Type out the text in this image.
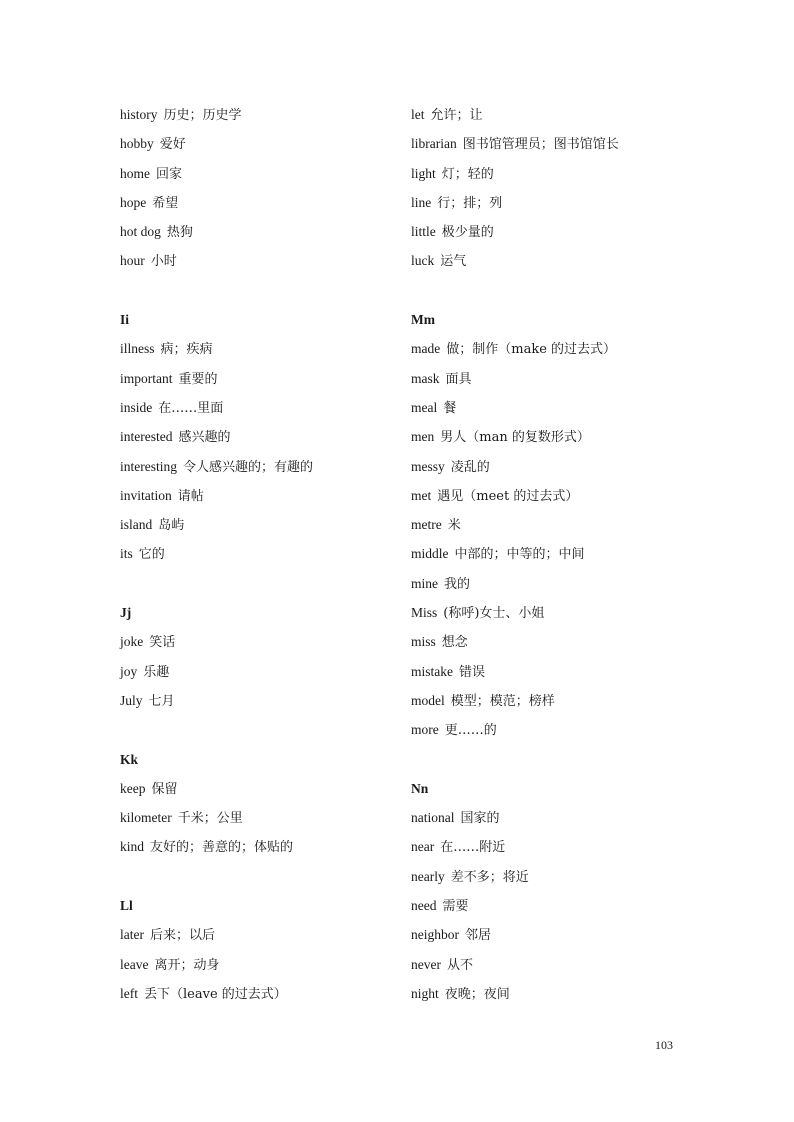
history 历史；历史学
hobby 爱好
home 回家
hope 希望
hot dog 热狗
hour 小时
Ii
illness 病；疾病
important 重要的
inside 在……里面
interested 感兴趣的
interesting 令人感兴趣的；有趣的
invitation 请帖
island 岛屿
its 它的
Jj
joke 笑话
joy 乐趣
July 七月
Kk
keep 保留
kilometer 千米；公里
kind 友好的；善意的；体贴的
Ll
later 后来；以后
leave 离开；动身
left 丢下（leave 的过去式）
let 允许；让
librarian 图书馆管理员；图书馆馆长
light 灯；轻的
line 行；排；列
little 极少量的
luck 运气
Mm
made 做；制作（make 的过去式）
mask 面具
meal 餐
men 男人（man 的复数形式）
messy 凌乱的
met 遇见（meet 的过去式）
metre 米
middle 中部的；中等的；中间
mine 我的
Miss (称呼)女士、小姐
miss 想念
mistake 错误
model 模型；模范；榜样
more 更……的
Nn
national 国家的
near 在……附近
nearly 差不多；将近
need 需要
neighbor 邻居
never 从不
night 夜晚；夜间
103
